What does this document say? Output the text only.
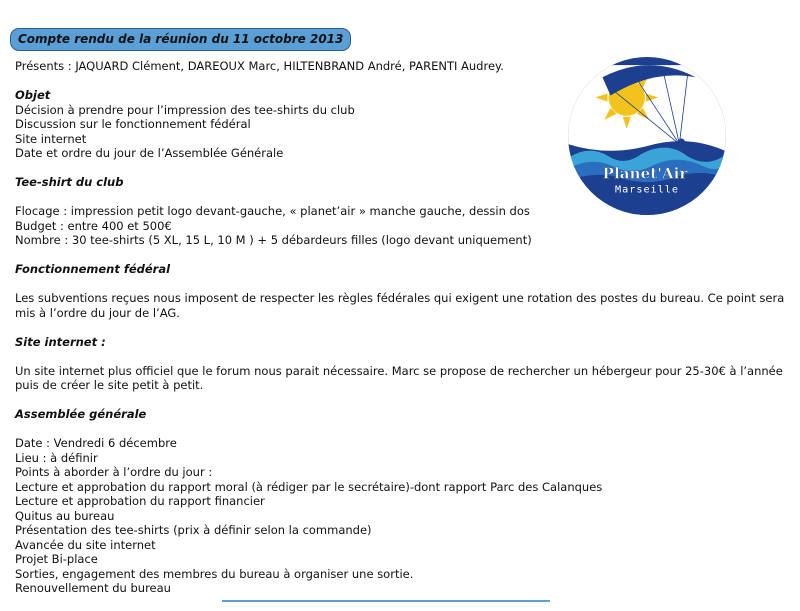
Compte rendu de la réunion du 11 octobre 2013
Planet'Air
Marseille

Présents : JAQUARD Clément, DAREOUX Marc, HILTENBRAND André, PARENTI Audrey.

Objet

Décision à prendre pour l’impression des tee-shirts du club

Discussion sur le fonctionnement fédéral

Site internet

Date et ordre du jour de l’Assemblée Générale

Tee-shirt du club

Flocage : impression petit logo devant-gauche, « planet’air » manche gauche, dessin dos

Budget : entre 400 et 500€

Nombre : 30 tee-shirts (5 XL, 15 L, 10 M ) + 5 débardeurs filles (logo devant uniquement)

Fonctionnement fédéral

Les subventions reçues nous imposent de respecter les règles fédérales qui exigent une rotation des postes du bureau. Ce point sera mis à l’ordre du jour de l’AG.

Site internet :

Un site internet plus officiel que le forum nous parait nécessaire. Marc se propose de rechercher un hébergeur pour 25-30€ à l’année puis de créer le site petit à petit.

Assemblée générale

Date : Vendredi 6 décembre

Lieu : à définir

Points à aborder à l’ordre du jour :

Lecture et approbation du rapport moral (à rédiger par le secrétaire)-dont rapport Parc des Calanques

Lecture et approbation du rapport financier

Quitus au bureau

Présentation des tee-shirts (prix à définir selon la commande)

Avancée du site internet

Projet Bi-place

Sorties, engagement des membres du bureau à organiser une sortie.

Renouvellement du bureau
